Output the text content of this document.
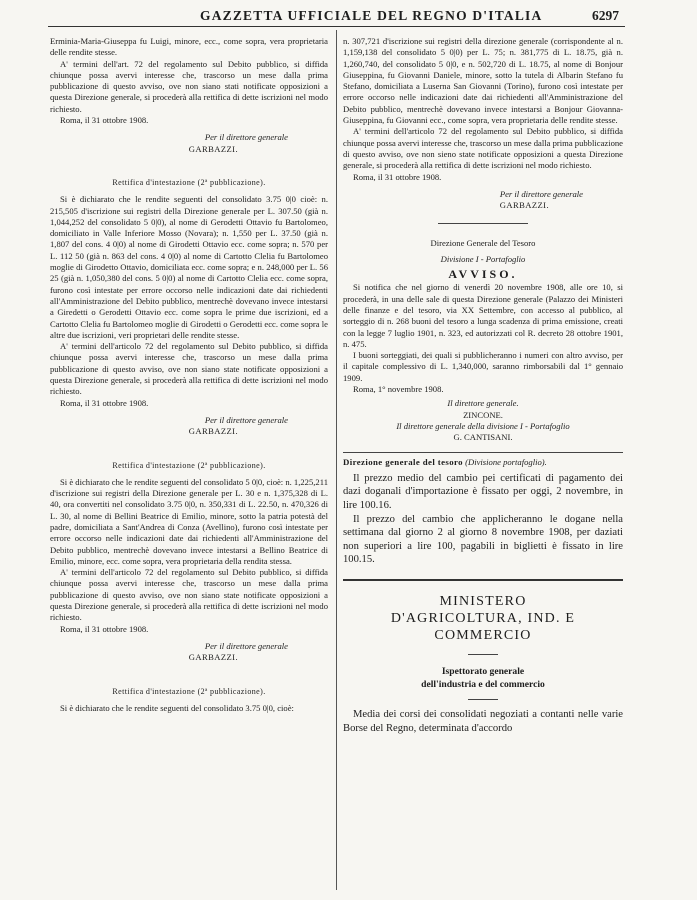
GAZZETTA UFFICIALE DEL REGNO D'ITALIA	6297

Erminia-Maria-Giuseppa fu Luigi, minore, ecc., come sopra, vera proprietaria delle rendite stesse.

A' termini dell'art. 72 del regolamento sul Debito pubblico, si diffida chiunque possa avervi interesse che, trascorso un mese dalla prima pubblicazione di questo avviso, ove non siano stati notificate opposizioni a questa Direzione generale, si procederà alla rettifica di dette iscrizioni nel modo richiesto.

Roma, il 31 ottobre 1908.

Per il direttore generale

GARBAZZI.

Rettifica d'intestazione (2ª pubblicazione).

Si è dichiarato che le rendite seguenti del consolidato 3.75 0|0 cioè: n. 215,505 d'iscrizione sui registri della Direzione generale per L. 307.50 (già n. 1,044,252 del consolidato 5 0|0), al nome di Gerodetti Ottavio fu Bartolomeo, domiciliato in Valle Inferiore Mosso (Novara); n. 1,550 per L. 37.50 (già n. 1,807 del cons. 4 0|0) al nome di Girodetti Ottavio ecc. come sopra; n. 570 per L. 112 50 (già n. 863 del cons. 4 0|0) al nome di Cartotto Clelia fu Bartolomeo moglie di Girodetto Ottavio, domiciliata ecc. come sopra; e n. 248,000 per L. 56 25 (già n. 1,050,380 del cons. 5 0|0) al nome di Cartotto Clelia ecc. come sopra, furono così intestate per errore occorso nelle indicazioni date dai richiedenti all'Amministrazione del Debito pubblico, mentrechè dovevano invece intestarsi a Giredetti o Gerodetti Ottavio ecc. come sopra le prime due iscrizioni, ed a Cartotto Clelia fu Bartolomeo moglie di Girodetti o Gerodetti ecc. come sopra le altre due iscrizioni, veri proprietari delle rendite stesse.

A' termini dell'articolo 72 del regolamento sul Debito pubblico, si diffida chiunque possa avervi interesse che, trascorso un mese dalla prima pubblicazione di questo avviso, ove non siano state notificate opposizioni a questa Direzione generale, si procederà alla rettifica di dette iscrizioni nel modo richiesto.

Roma, il 31 ottobre 1908.

Per il direttore generale

GARBAZZI.

Rettifica d'intestazione (2ª pubblicazione).

Si è dichiarato che le rendite seguenti del consolidato 5 0|0, cioè: n. 1,225,211 d'iscrizione sui registri della Direzione generale per L. 30 e n. 1,375,328 di L. 40, ora convertiti nel consolidato 3.75 0|0, n. 350,331 di L. 22.50, n. 470,326 di L. 30, al nome di Bellini Beatrice di Emilio, minore, sotto la patria potestà del padre, domiciliata a Sant'Andrea di Conza (Avellino), furono così intestate per errore occorso nelle indicazioni date dai richiedenti all'Amministrazione del Debito pubblico, mentrechè dovevano invece intestarsi a Bellino Beatrice di Emilio, minore, ecc. come sopra, vera proprietaria della rendita stessa.

A' termini dell'articolo 72 del regolamento sul Debito pubblico, si diffida chiunque possa avervi interesse che, trascorso un mese dalla prima pubblicazione di questo avviso, ove non siano state notificate opposizioni a questa Direzione generale, si procederà alla rettifica di dette iscrizioni nel modo richiesto.

Roma, il 31 ottobre 1908.

Per il direttore generale

GARBAZZI.

Rettifica d'intestazione (2ª pubblicazione).

Si è dichiarato che le rendite seguenti del consolidato 3.75 0|0, cioè:

n. 307,721 d'iscrizione sui registri della direzione generale (corrispondente al n. 1,159,138 del consolidato 5 0|0) per L. 75; n. 381,775 di L. 18.75, già n. 1,260,740, del consolidato 5 0|0, e n. 502,720 di L. 18.75, al nome di Bonjour Giuseppina, fu Giovanni Daniele, minore, sotto la tutela di Albarin Stefano fu Stefano, domiciliata a Luserna San Giovanni (Torino), furono così intestate per errore occorso nelle indicazioni date dai richiedenti all'Amministrazione del Debito pubblico, mentrechè dovevano invece intestarsi a Bonjour Giovanna-Giuseppina, fu Giovanni ecc., come sopra, vera proprietaria delle rendite stesse.

A' termini dell'articolo 72 del regolamento sul Debito pubblico, si diffida chiunque possa avervi interesse che, trascorso un mese dalla prima pubblicazione di questo avviso, ove non sieno state notificate opposizioni a questa Direzione generale, si procederà alla rettifica di dette iscrizioni nel modo richiesto.

Roma, il 31 ottobre 1908.

Per il direttore generale

GARBAZZI.

Direzione Generale del Tesoro

Divisione I - Portafoglio

AVVISO.

Si notifica che nel giorno di venerdì 20 novembre 1908, alle ore 10, si procederà, in una delle sale di questa Direzione generale (Palazzo dei Ministeri delle finanze e del tesoro, via XX Settembre, con accesso al pubblico, al sorteggio di n. 268 buoni del tesoro a lunga scadenza di prima emissione, creati con la legge 7 luglio 1901, n. 323, ed autorizzati col R. decreto 28 ottobre 1901, n. 475.

I buoni sorteggiati, dei quali si pubblicheranno i numeri con altro avviso, per il capitale complessivo di L. 1,340,000, saranno rimborsabili dal 1° gennaio 1909.

Roma, 1° novembre 1908.

Il direttore generale.

ZINCONE.

Il direttore generale della divisione I - Portafoglio

G. CANTISANI.

Direzione generale del tesoro (Divisione portafoglio).

Il prezzo medio del cambio pei certificati di pagamento dei dazi doganali d'importazione è fissato per oggi, 2 novembre, in lire 100.16.

Il prezzo del cambio che applicheranno le dogane nella settimana dal giorno 2 al giorno 8 novembre 1908, per daziati non superiori a lire 100, pagabili in biglietti è fissato in lire 100.15.

MINISTERO

D'AGRICOLTURA, IND. E COMMERCIO

Ispettorato generale

dell'industria e del commercio

Media dei corsi dei consolidati negoziati a contanti nelle varie Borse del Regno, determinata d'accordo
